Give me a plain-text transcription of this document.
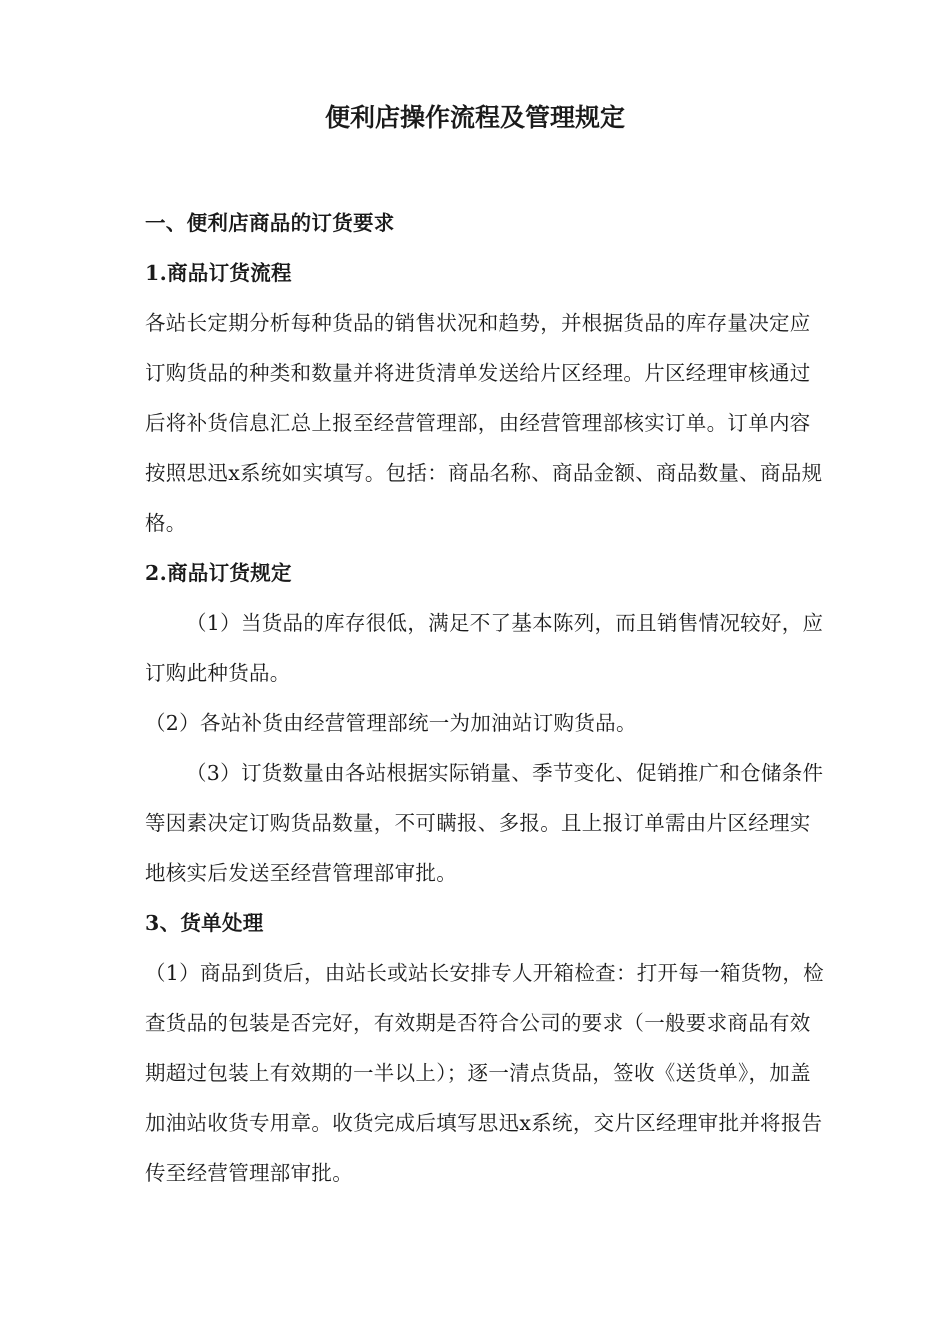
便利店操作流程及管理规定

一、便利店商品的订货要求

1.商品订货流程

各站长定期分析每种货品的销售状况和趋势，并根据货品的库存量决定应订购货品的种类和数量并将进货清单发送给片区经理。片区经理审核通过后将补货信息汇总上报至经营管理部，由经营管理部核实订单。订单内容按照思迅x系统如实填写。包括：商品名称、商品金额、商品数量、商品规格。

2.商品订货规定

（1）当货品的库存很低，满足不了基本陈列，而且销售情况较好，应订购此种货品。

（2）各站补货由经营管理部统一为加油站订购货品。

（3）订货数量由各站根据实际销量、季节变化、促销推广和仓储条件等因素决定订购货品数量，不可瞒报、多报。且上报订单需由片区经理实地核实后发送至经营管理部审批。

3、货单处理

（1）商品到货后，由站长或站长安排专人开箱检查：打开每一箱货物，检查货品的包装是否完好，有效期是否符合公司的要求（一般要求商品有效期超过包装上有效期的一半以上）；逐一清点货品，签收《送货单》，加盖加油站收货专用章。收货完成后填写思迅x系统，交片区经理审批并将报告传至经营管理部审批。
